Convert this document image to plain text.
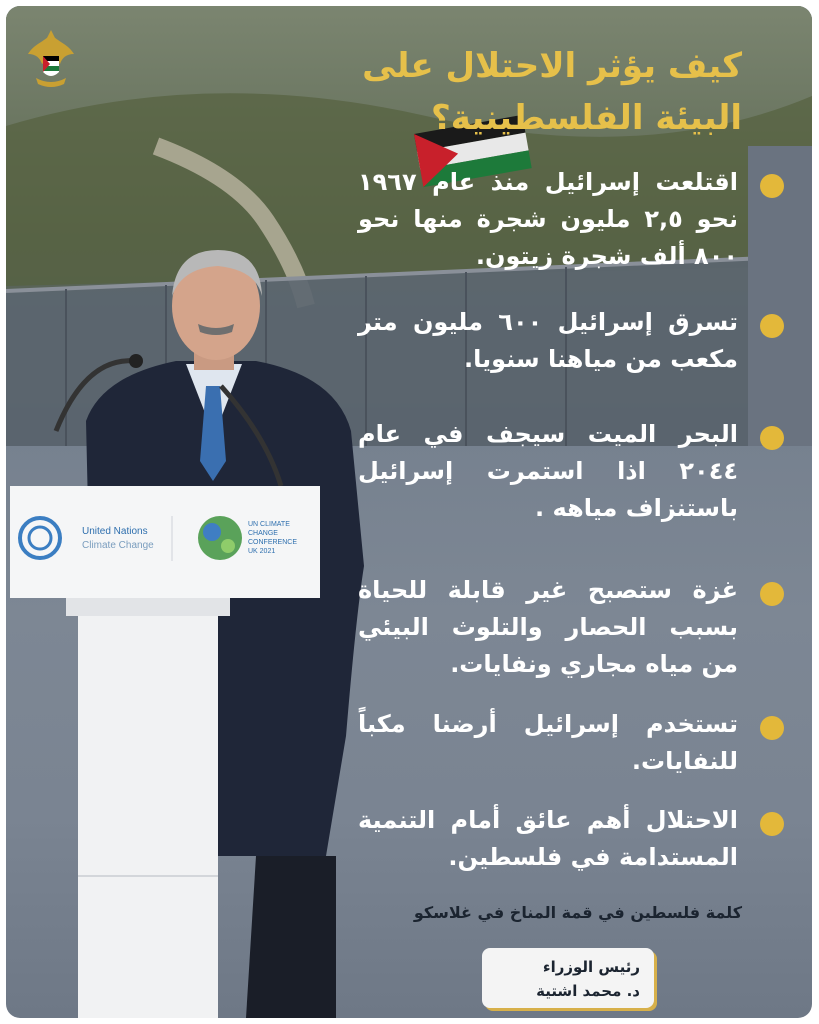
كيف يؤثر الاحتلال على
البيئة الفلسطينية؟
United Nations
Climate Change
UN CLIMATE
CHANGE
CONFERENCE
UK 2021
اقتلعت إسرائيل منذ عام ١٩٦٧ نحو ٢,٥ مليون شجرة منها نحو ٨٠٠ ألف شجرة زيتون.
تسرق إسرائيل ٦٠٠ مليون متر مكعب من مياهنا سنويا.
البحر الميت سيجف في عام ٢٠٤٤ اذا استمرت إسرائيل باستنزاف مياهه .
غزة ستصبح غير قابلة للحياة بسبب الحصار والتلوث البيئي من مياه مجاري ونفايات.
تستخدم إسرائيل أرضنا مكباً للنفايات.
الاحتلال أهم عائق أمام التنمية المستدامة في فلسطين.
كلمة فلسطين في قمة المناخ في غلاسكو
رئيس الوزراء
د. محمد اشتية
